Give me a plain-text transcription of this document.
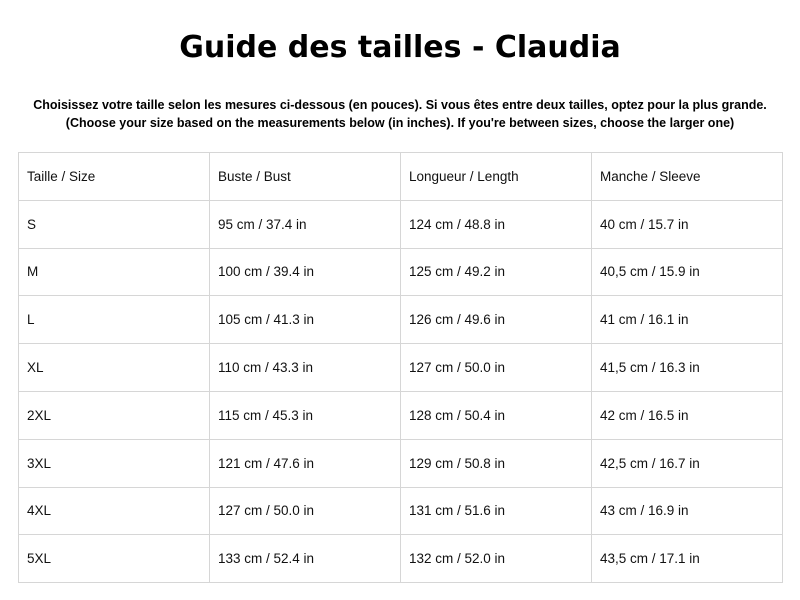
Guide des tailles - Claudia
Choisissez votre taille selon les mesures ci-dessous (en pouces). Si vous êtes entre deux tailles, optez pour la plus grande.
(Choose your size based on the measurements below (in inches). If you're between sizes, choose the larger one)
Taille / Size	Buste / Bust	Longueur / Length	Manche / Sleeve
S	95 cm / 37.4 in	124 cm / 48.8 in	40 cm / 15.7 in
M	100 cm / 39.4 in	125 cm / 49.2 in	40,5 cm / 15.9 in
L	105 cm / 41.3 in	126 cm / 49.6 in	41 cm / 16.1 in
XL	110 cm / 43.3 in	127 cm / 50.0 in	41,5 cm / 16.3 in
2XL	115 cm / 45.3 in	128 cm / 50.4 in	42 cm / 16.5 in
3XL	121 cm / 47.6 in	129 cm / 50.8 in	42,5 cm / 16.7 in
4XL	127 cm / 50.0 in	131 cm / 51.6 in	43 cm / 16.9 in
5XL	133 cm / 52.4 in	132 cm / 52.0 in	43,5 cm / 17.1 in
